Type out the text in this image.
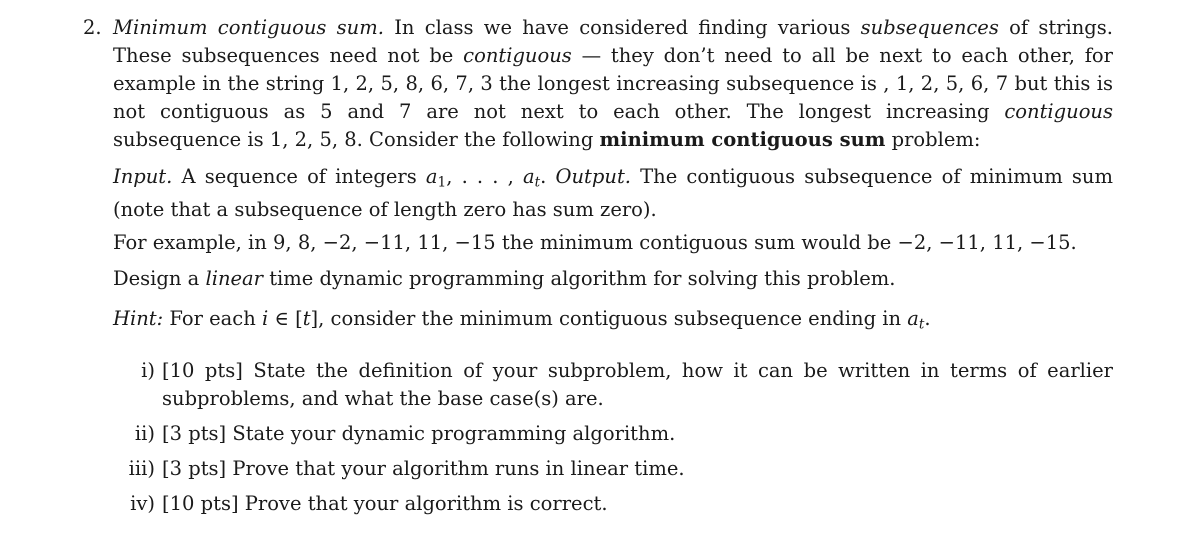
2. Minimum contiguous sum. In class we have considered finding various subsequences of strings. These subsequences need not be contiguous — they don’t need to all be next to each other, for example in the string 1, 2, 5, 8, 6, 7, 3 the longest increasing subsequence is , 1, 2, 5, 6, 7 but this is not contiguous as 5 and 7 are not next to each other. The longest increasing contiguous subsequence is 1, 2, 5, 8. Consider the following minimum contiguous sum problem:

Input. A sequence of integers $a_1$, . . . , $a_t$. Output. The contiguous subsequence of minimum sum (note that a subsequence of length zero has sum zero).

For example, in 9, 8, −2, −11, 11, −15 the minimum contiguous sum would be −2, −11, 11, −15.

Design a linear time dynamic programming algorithm for solving this problem.

Hint: For each i ∈ [t], consider the minimum contiguous subsequence ending in $a_t$.

i) [10 pts] State the definition of your subproblem, how it can be written in terms of earlier subproblems, and what the base case(s) are.
ii) [3 pts] State your dynamic programming algorithm.
iii) [3 pts] Prove that your algorithm runs in linear time.
iv) [10 pts] Prove that your algorithm is correct.
